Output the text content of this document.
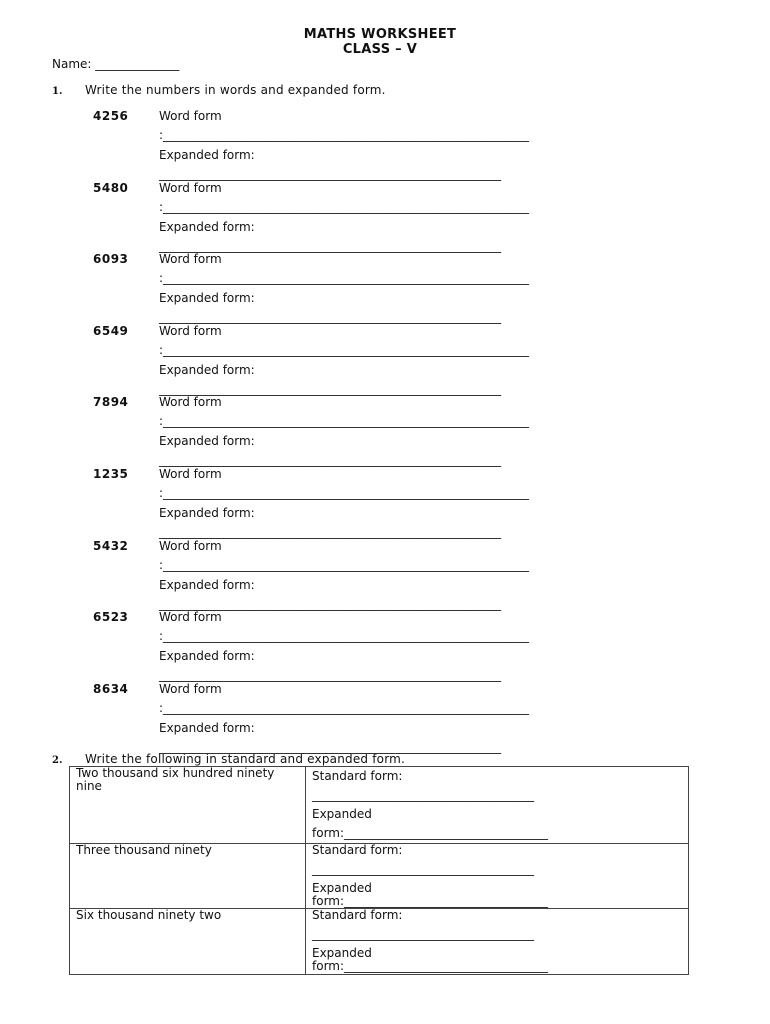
MATHS WORKSHEET
CLASS – V
Name: ______________
1. Write the numbers in words and expanded form.
4256	Word form
:_____________________________________________________________
Expanded form:
_________________________________________________________
5480	Word form
:_____________________________________________________________
Expanded form:
_________________________________________________________
6093	Word form
:_____________________________________________________________
Expanded form:
_________________________________________________________
6549	Word form
:_____________________________________________________________
Expanded form:
_________________________________________________________
7894	Word form
:_____________________________________________________________
Expanded form:
_________________________________________________________
1235	Word form
:_____________________________________________________________
Expanded form:
_________________________________________________________
5432	Word form
:_____________________________________________________________
Expanded form:
_________________________________________________________
6523	Word form
:_____________________________________________________________
Expanded form:
_________________________________________________________
8634	Word form
:_____________________________________________________________
Expanded form:
_________________________________________________________
2. Write the following in standard and expanded form.
Two thousand six hundred ninety nine	Standard form:
_____________________________________
Expanded
form:__________________________________

Three thousand ninety	Standard form:
_____________________________________
Expanded
form:__________________________________

Six thousand ninety two	Standard form:
_____________________________________
Expanded
form:__________________________________
